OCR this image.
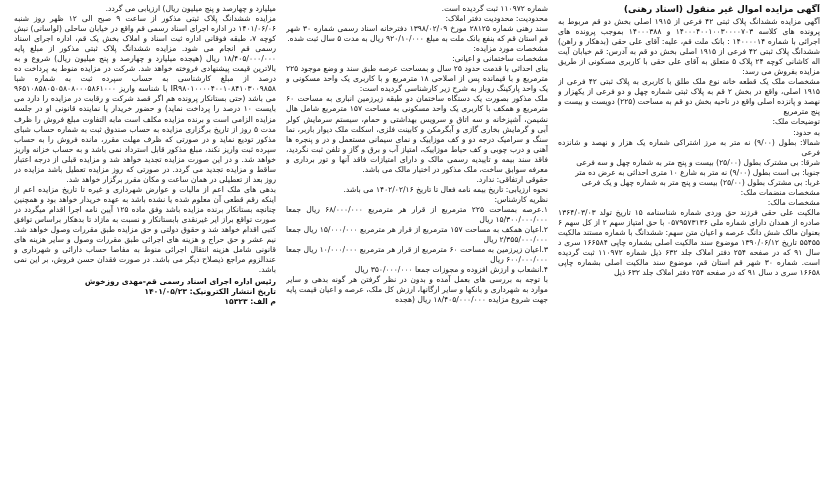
آگهی مزایده اموال غیر منقول (اسناد رهنی)

آگهی مزایده ششدانگ پلاک ثبتی ۴۲ فرعی از ۱۹۱۵ اصلی بخش دو قم مربوط به پرونده های کلاسه ۱۴۰۰۰۴۰۰۱۰۰۳۰۰۰۰۷۰۳ و ۱۴۰۰۰۳۸۸ بموجب پرونده های اجرائی با شماره ۱۴۰۰۰۰۱۴ : بانک ملت قم، علیه: آقای علی حقی (بدهکار و راهن) ششدانگ پلاک ثبتی ۴۲ فرعی از ۱۹۱۵ اصلی بخش دو قم به آدرس: قم خیابان آیت اله کاشانی کوچه ۲۴ پلاک ۵ متعلق به آقای علی حقی با کاربری مسکونی از طریق مزایده بفروش می رسد:

مشخصات ملک یک قطعه خانه نوع ملک طلق با کاربری به پلاک ثبتی ۴۲ فرعی از ۱۹۱۵ اصلی، واقع در بخش ۲ قم به پلاک ثبتی شماره چهل و دو فرعی از یکهزار و نهصد و پانزده اصلی واقع در ناحیه بخش دو قم به مساحت (۲۲۵) دویست و بیست و پنج مترمربع

توضیحات ملک:

به حدود:

شمالا: بطول (۹/۰۰) نه متر به مرز اشتراکی شماره یک هزار و نهصد و شانزده فرعی

شرقا: بی مشترک بطول (۲۵/۰۰) بیست و پنج متر به شماره چهل و سه فرعی

جنوبا: بی است بطول (۹/۰۰) نه متر به شارع ۱۰ متری احداثی به عرض ده متر

غربا: بی مشترک بطول (۲۵/۰۰) بیست و پنج متر به شماره چهل و یک فرعی

مشخصات منضمات ملک:

مشخصات مالک:

مالکیت علی حقی فرزند حق وردی شماره شناسنامه ۱۵ تاریخ تولد ۱۳۶۴/۰۳/۰۳ صادره از همدان دارای شماره ملی ۰۵۷۹۵۷۳۱۳۶ با حق امتیاز سهم ۲ از کل سهم ۶ بعنوان مالک شش دانگ عرصه و اعیان متن سهم: ششدانگ با شماره مستند مالکیت ۵۵۴۵۵ تاریخ ۱۳۹۰/۰۶/۱۲ موضوع سند مالکیت اصلی بشماره چاپی ۱۶۶۵۸۴ سری د سال ۹۱ که در صفحه ۲۵۴ دفتر املاک جلد ۶۳۲ ذیل شماره ۱۱۰۹۷۲ ثبت گردیده است. شماره ۳۰ شهر قم استان قم، موضوع سند مالکیت اصلی بشماره چاپی ۱۶۶۵۸ سری د سال ۹۱ که در صفحه ۲۵۴ دفتر املاک جلد ۶۳۲ ذیل

شماره ۱۱۰۹۷۲ ثبت گردیده است.

محدودیت: محدودیت دفتر املاک:

سند رهنی شماره ۲۸۱۲۵ مورخ ۱۳۹۸/۰۲/۰۹ دفترخانه اسناد رسمی شماره ۳۰ شهر قم استان قم که بنفع بانک ملت به مبلغ ۹۲۰/۱۰/۰۰۰ ریال به مدت ۵ سال ثبت شده.

مشخصات مورد مزایده:

مشخصات ساختمانی و اعیانی:

بنای احداثی با قدمت حدود ۲۵ سال و بمساحت عرصه طبق سند و وضع موجود ۲۲۵ مترمربع و با قیمانده پس از اصلاحی ۱۸ مترمربع و با کاربری یک واحد مسکونی و یک واحد پارکینگ روباز به شرح زیر کارشناسی گردیده است:

ملک مذکور بصورت یک دستگاه ساختمان دو طبقه زیرزمین انباری به مساحت ۶۰ مترمربع و همکف با کاربری یک واحد مسکونی به مساحت ۱۵۷ مترمربع شامل هال نشیمن، آشپزخانه و سه اتاق و سرویس بهداشتی و حمام، سیستم سرمایش کولر آبی و گرمایش بخاری گازی و آبگرمکن و کابینت فلزی، اسکلت ملک دیوار باربر، نما سنگ و سرامیک درجه دو و کف موزاییک و نمای سیمانی مستعمل و در و پنجره ها آهنی و درب چوبی و کف حیاط موزاییک، امتیاز آب و برق و گاز و تلفن ثبت نگردید، فاقد سند بیمه و تاییدیه رسمی مالک و دارای امتیازات فاقد آنها و تور برداری و معرفه سوابق ساخت، ملک مذکور در اختیار مالک می باشد.

حقوقی ارتفاقی: ندارد.

نحوه ارزیابی: تاریخ بیمه نامه فعال تا تاریخ ۱۴۰۲/۰۲/۱۶ می باشد.

نظریه کارشناس:

۱.عرصه بمساحت ۲۲۵ مترمربع از قرار هر مترمربع ۶۸/۰۰۰/۰۰۰ ریال جمعا ۱۵/۳۰۰/۰۰۰/۰۰۰ ریال

۲.اعیان همکف به مساحت ۱۵۷ مترمربع از قرار هر مترمربع ۱۵/۰۰۰/۰۰۰ ریال جمعا ۲/۳۵۵/۰۰۰/۰۰۰ ریال

۳.اعیان زیرزمین به مساحت ۶۰ مترمربع از قرار هر مترمربع ۱۰/۰۰۰/۰۰۰ ریال جمعا ۶۰۰/۰۰۰/۰۰۰ ریال

۴.انشعاب و ارزش افزوده و مجوزات جمعا ۳۵۰/۰۰۰/۰۰۰ ریال

با توجه به بررسی های بعمل آمده و بدون در نظر گرفتن هر گونه بدهی و سایر موارد به شهرداری و بانکها و سایر ارگانها، ارزش کل ملک، عرصه و اعیان قیمت پایه جهت شروع مزایده ۱۸/۴۰۵/۰۰۰/۰۰۰ ریال (هجده

میلیارد و چهارصد و پنج میلیون ریال) ارزیابی می گردد.

مزایده ششدانگ پلاک ثبتی مذکور از ساعت ۹ صبح الی ۱۲ ظهر روز شنبه ۱۴۰۱/۰۶/۰۶ در اداره اجرای اسناد رسمی قم واقع در خیابان ساحلی (لواسانی) نبش کوچه ۷، طبقه فوقانی اداره ثبت اسناد و املاک بخش یک قم، اداره اجرای اسناد رسمی قم انجام می شود. مزایده ششدانگ پلاک ثبتی مذکور از مبلغ پایه ۱۸/۴۰۵/۰۰۰/۰۰۰ ریال (هیجده میلیارد و چهارصد و پنج میلیون ریال) شروع و به بالاترین قیمت پیشنهادی فروخته خواهد شد. شرکت در مزایده منوط به پرداخت ده درصد از مبلغ کارشناسی به حساب سپرده ثبت به شماره شبا IR۹۸۰۱۰۰۰۰۴۰۰۱۰۸۴۱۰۳۰۰۹۸۵۸ با شناسه واریز ۹۶۵۱۰۸۵۸۰۵۰۵۸۰۸۰۰۰۵۸۶۱۰۰۰ می باشد (حتی بستانکار پرونده هم اگر قصد شرکت و رقابت در مزایده را دارد می بایست ۱۰ درصد را پرداخت نماید) و حضور خریدار یا نماینده قانونی او در جلسه مزایده الزامی است و برنده مزایده مکلف است مابه التفاوت مبلغ فروش را ظرف مدت ۵ روز از تاریخ برگزاری مزایده به حساب صندوق ثبت به شماره حساب شبای مذکور تودیع نماید و در صورتی که ظرف مهلت مقرر، مانده فروش را به حساب سپرده ثبت واریز نکند، مبلغ مذکور قابل استرداد نمی باشد و به حساب خزانه واریز خواهد شد. و در این صورت مزایده تجدید خواهد شد و مزایده قبلی از درجه اعتبار ساقط و مزایده تجدید می گردد. در صورتی که روز مزایده تعطیل باشد مزایده در روز بعد از تعطیلی در همان ساعت و مکان مقرر برگزار خواهد شد.

بدهی های ملک اعم از مالیات و عوارض شهرداری و غیره تا تاریخ مزایده اعم از اینکه رقم قطعی آن معلوم شده یا نشده باشد به عهده خریدار خواهد بود و همچنین چنانچه بستانکار برنده مزایده باشد وفق ماده ۱۲۵ آیین نامه اجرا اقدام میگردد در صورت تواقع براز ایر غیرنقدی بابستانکار و نسبت به مازاد تا بدهکار براساس توافق کتبی اقدام خواهد شد و حقوق دولتی و حق مزایده طبق مقررات وصول خواهد شد. نیم عشر و حق حراج و هزینه های اجرائی طبق مقررات وصول و سایر هزینه های قانونی شامل هزینه انتقال اجرائی منوط به مفاصا حساب دارائی و شهرداری و عندالزوم مراجع ذیصلاح دیگر می باشد. در صورت فقدان حسن فروش، بر این نمی باشد.

رئیس اداره اجرای اسناد رسمی قم-مهدی روزخوش
تاریخ انتشار الکترونیک: ۱۴۰۱/۰۵/۲۳
م الف: ۱۵۳۲۳
